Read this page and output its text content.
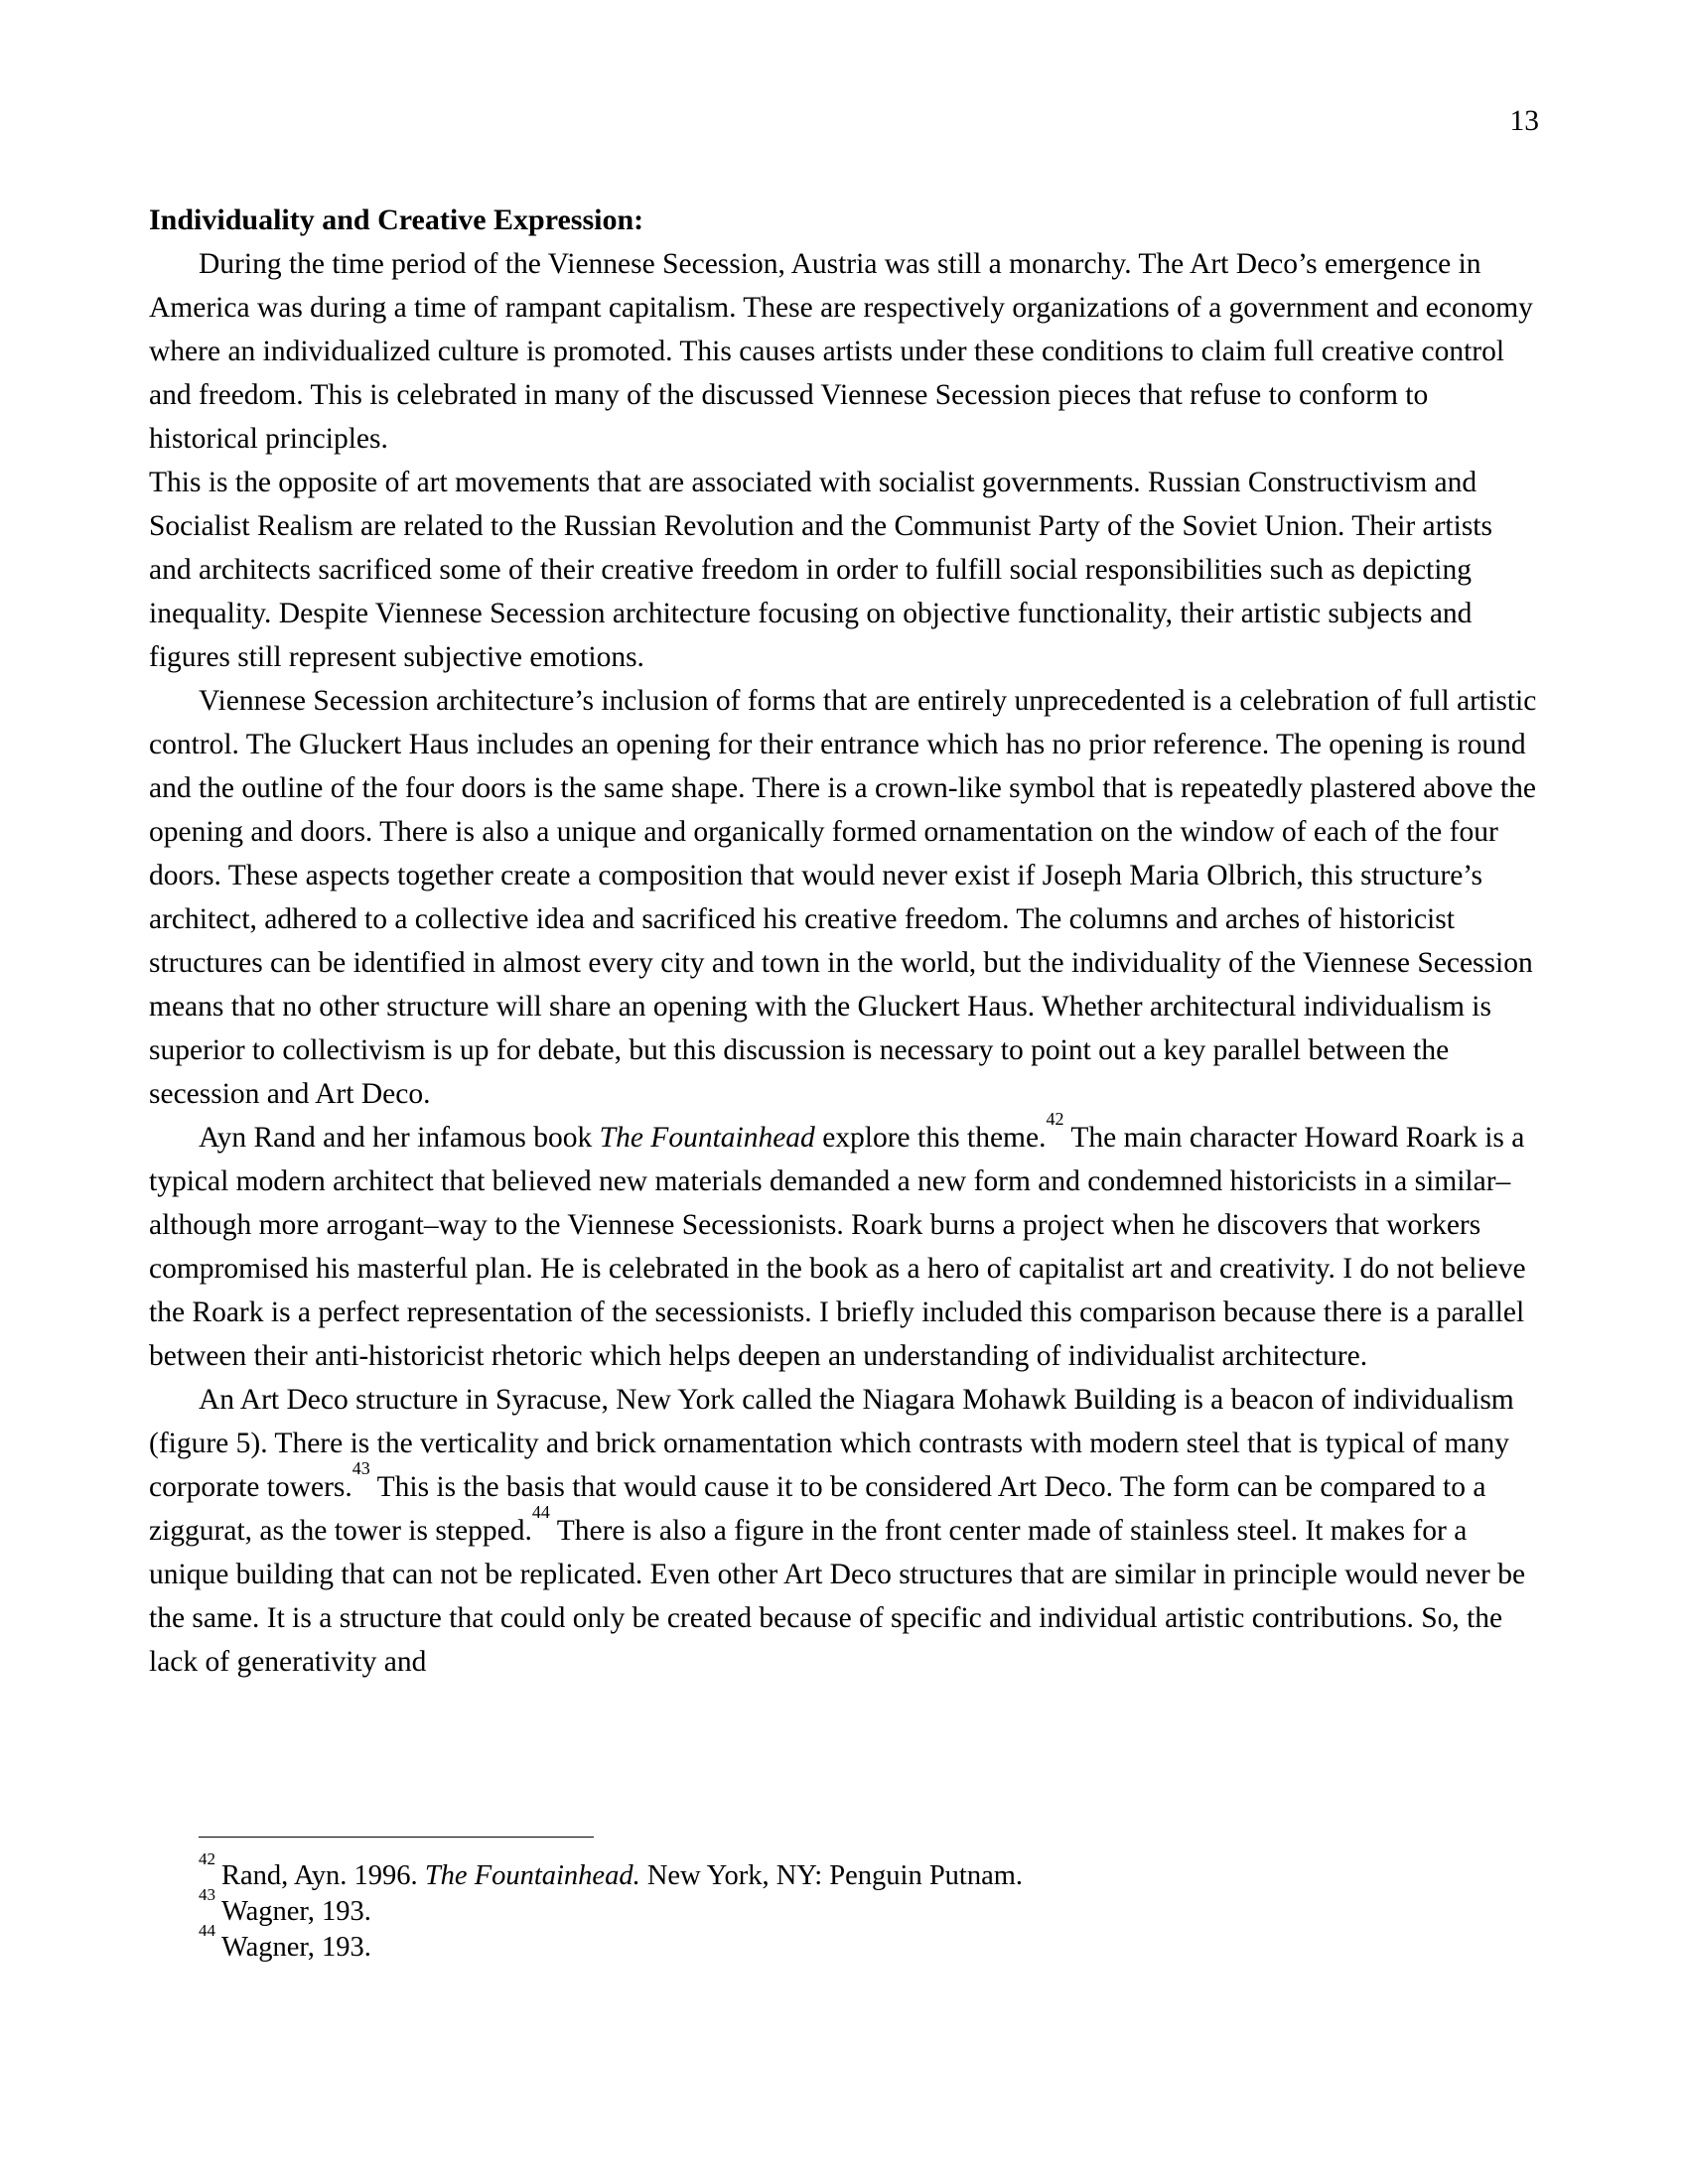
13
Individuality and Creative Expression:

During the time period of the Viennese Secession, Austria was still a monarchy. The Art Deco’s emergence in America was during a time of rampant capitalism. These are respectively organizations of a government and economy where an individualized culture is promoted. This causes artists under these conditions to claim full creative control and freedom. This is celebrated in many of the discussed Viennese Secession pieces that refuse to conform to historical principles.

This is the opposite of art movements that are associated with socialist governments. Russian Constructivism and Socialist Realism are related to the Russian Revolution and the Communist Party of the Soviet Union. Their artists and architects sacrificed some of their creative freedom in order to fulfill social responsibilities such as depicting inequality. Despite Viennese Secession architecture focusing on objective functionality, their artistic subjects and figures still represent subjective emotions.

Viennese Secession architecture’s inclusion of forms that are entirely unprecedented is a celebration of full artistic control. The Gluckert Haus includes an opening for their entrance which has no prior reference. The opening is round and the outline of the four doors is the same shape. There is a crown-like symbol that is repeatedly plastered above the opening and doors. There is also a unique and organically formed ornamentation on the window of each of the four doors. These aspects together create a composition that would never exist if Joseph Maria Olbrich, this structure’s architect, adhered to a collective idea and sacrificed his creative freedom. The columns and arches of historicist structures can be identified in almost every city and town in the world, but the individuality of the Viennese Secession means that no other structure will share an opening with the Gluckert Haus. Whether architectural individualism is superior to collectivism is up for debate, but this discussion is necessary to point out a key parallel between the secession and Art Deco.

Ayn Rand and her infamous book The Fountainhead explore this theme.$^{42}$ The main character Howard Roark is a typical modern architect that believed new materials demanded a new form and condemned historicists in a similar–although more arrogant–way to the Viennese Secessionists. Roark burns a project when he discovers that workers compromised his masterful plan. He is celebrated in the book as a hero of capitalist art and creativity. I do not believe the Roark is a perfect representation of the secessionists. I briefly included this comparison because there is a parallel between their anti-historicist rhetoric which helps deepen an understanding of individualist architecture.

An Art Deco structure in Syracuse, New York called the Niagara Mohawk Building is a beacon of individualism (figure 5). There is the verticality and brick ornamentation which contrasts with modern steel that is typical of many corporate towers.$^{43}$ This is the basis that would cause it to be considered Art Deco. The form can be compared to a ziggurat, as the tower is stepped.$^{44}$ There is also a figure in the front center made of stainless steel. It makes for a unique building that can not be replicated. Even other Art Deco structures that are similar in principle would never be the same. It is a structure that could only be created because of specific and individual artistic contributions. So, the lack of generativity and

$^{42}$Rand, Ayn. 1996. The Fountainhead. New York, NY: Penguin Putnam.
$^{43}$Wagner, 193.
$^{44}$Wagner, 193.
